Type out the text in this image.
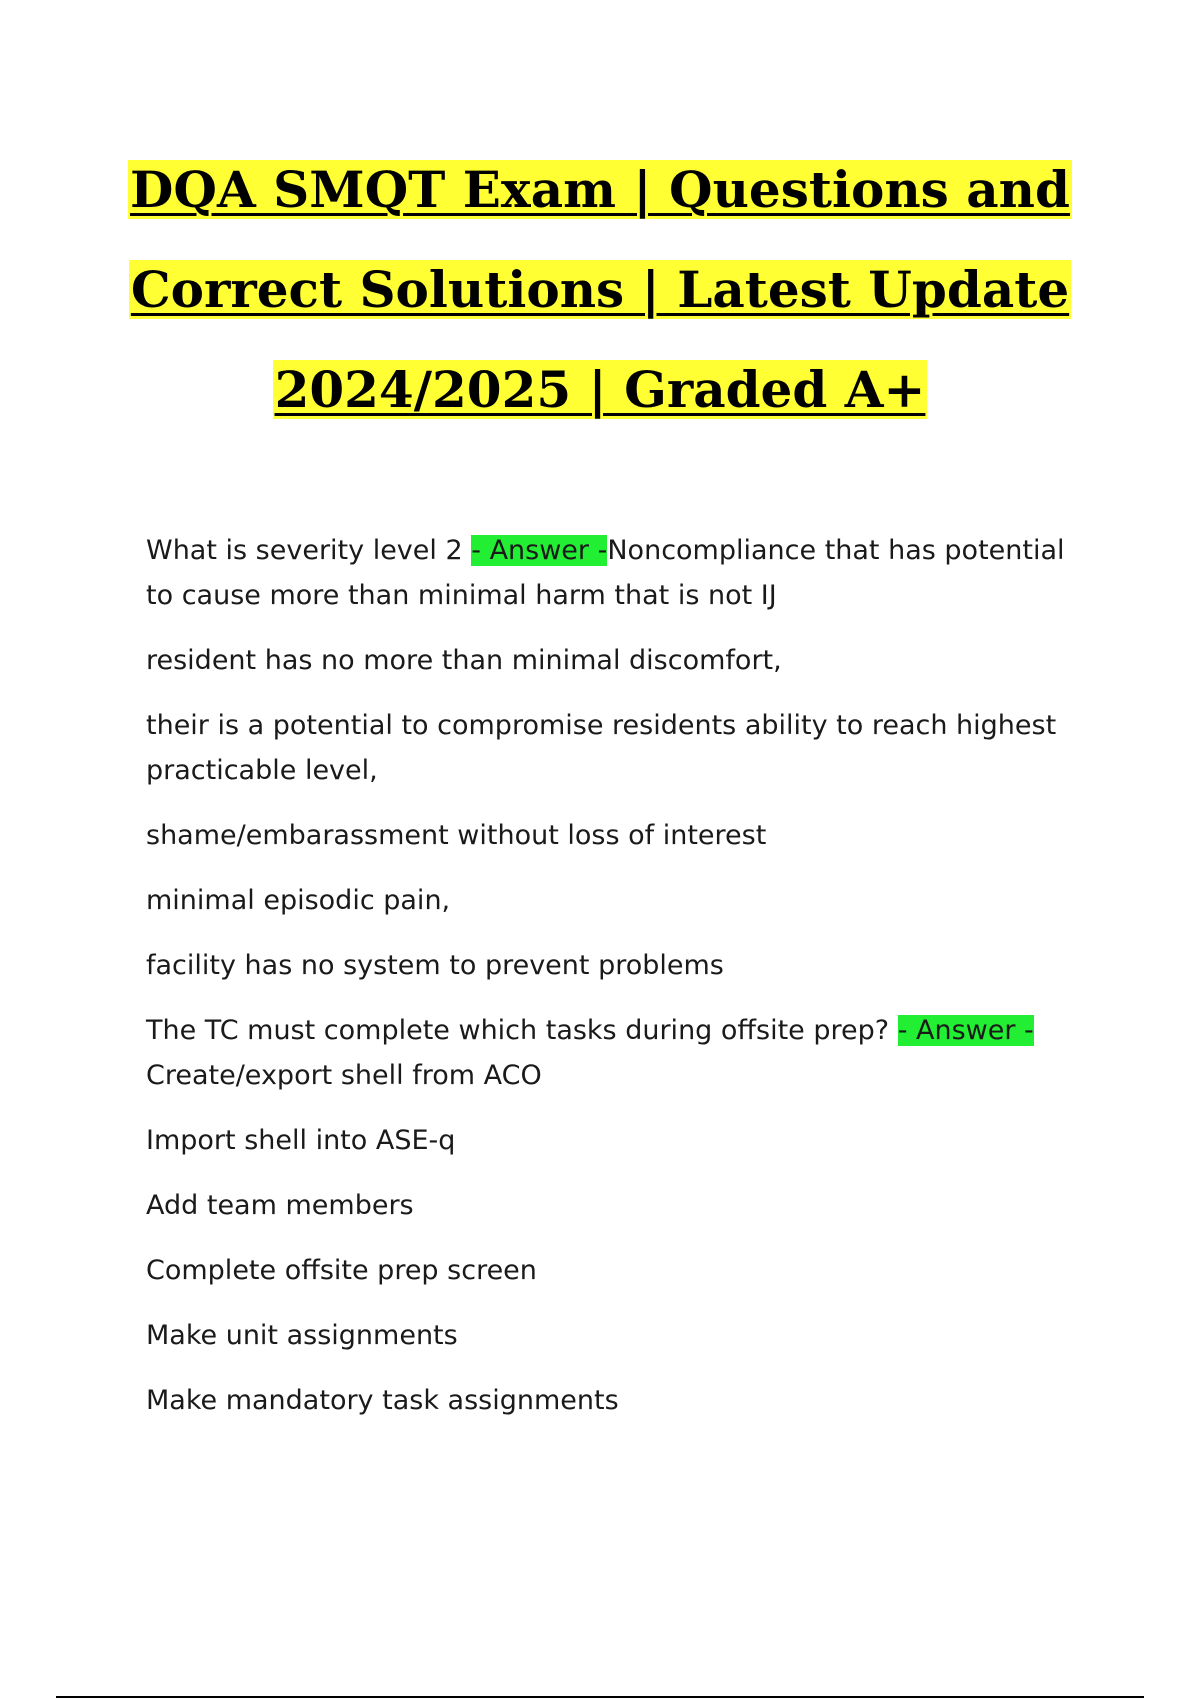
DQA SMQT Exam | Questions and
Correct Solutions | Latest Update
2024/2025 | Graded A+

What is severity level 2 - Answer -Noncompliance that has potential to cause more than minimal harm that is not IJ

resident has no more than minimal discomfort,

their is a potential to compromise residents ability to reach highest practicable level,

shame/embarassment without loss of interest

minimal episodic pain,

facility has no system to prevent problems

The TC must complete which tasks during offsite prep? - Answer -
Create/export shell from ACO

Import shell into ASE-q

Add team members

Complete offsite prep screen

Make unit assignments

Make mandatory task assignments
